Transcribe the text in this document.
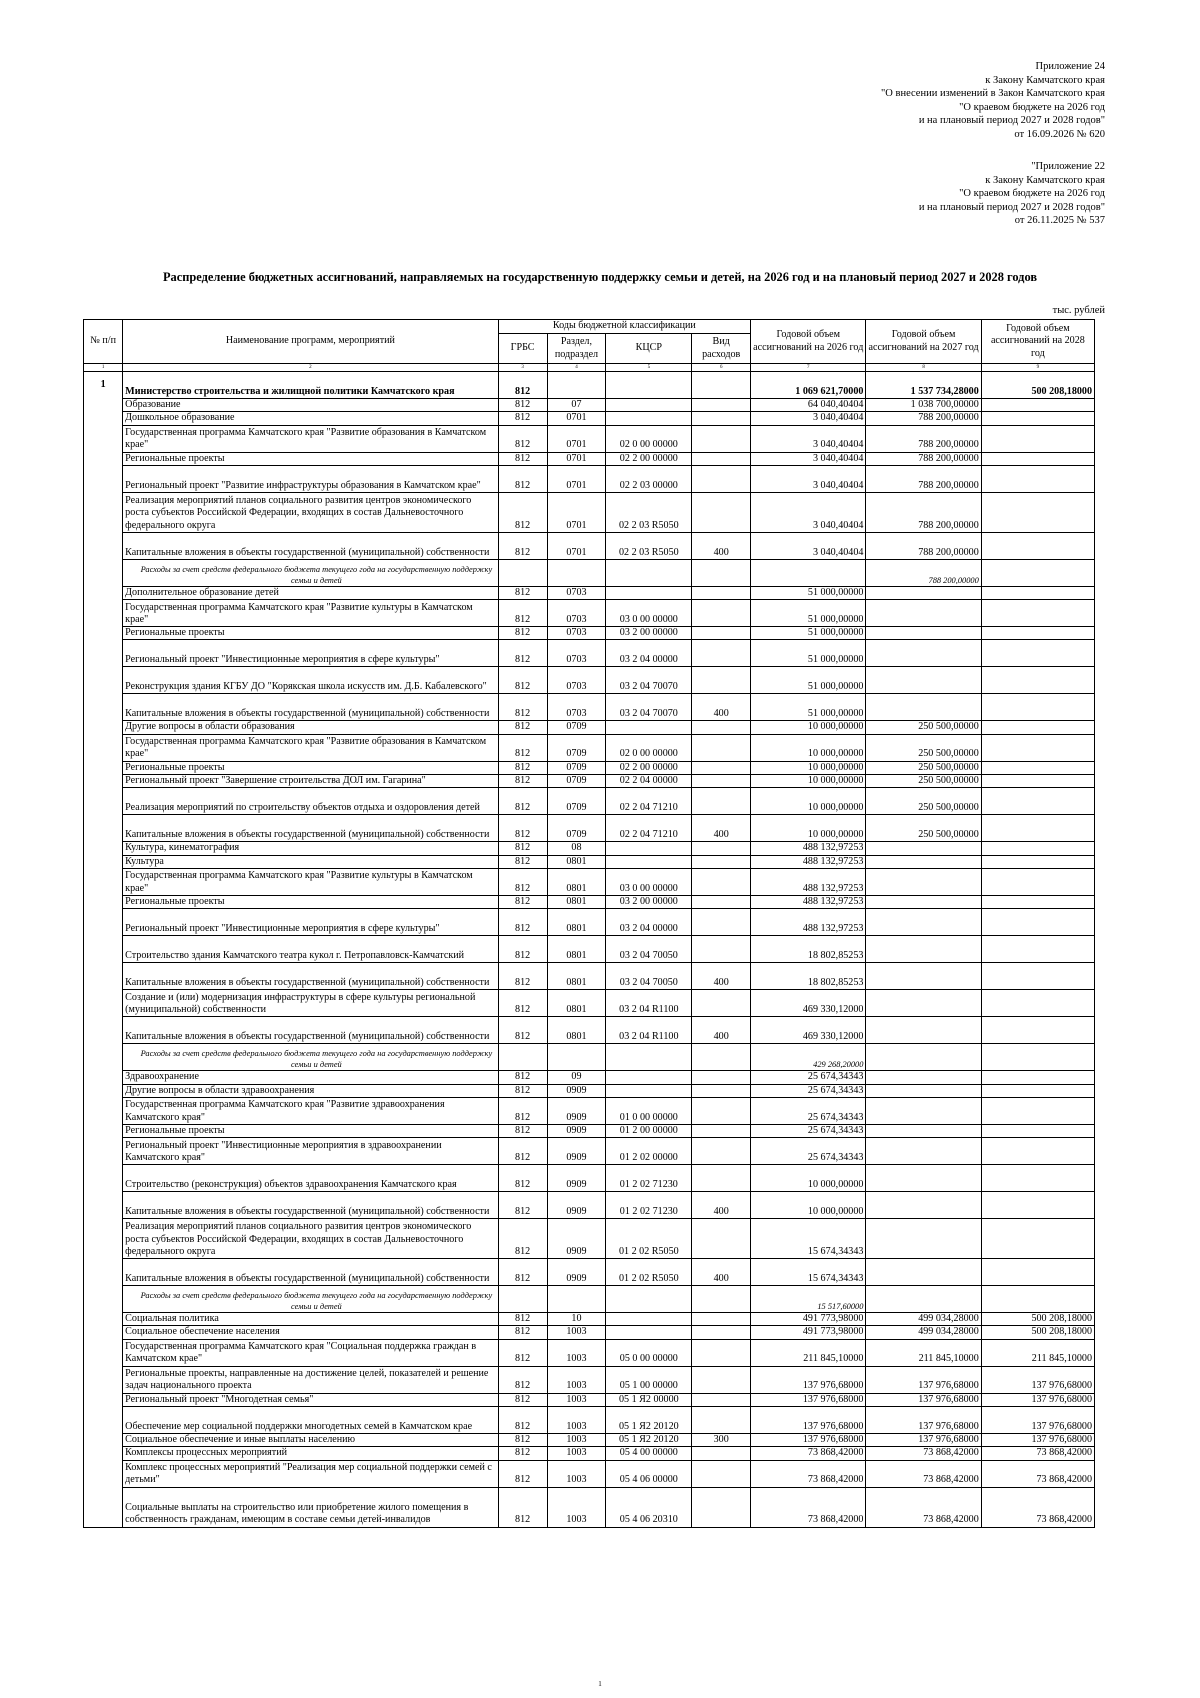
Приложение 24
к Закону Камчатского края
"О внесении изменений в Закон Камчатского края
"О краевом бюджете на 2026 год
и на плановый период 2027 и 2028 годов"
от 16.09.2026 № 620
"Приложение 22
к Закону Камчатского края
"О краевом бюджете на 2026 год
и на плановый период 2027 и 2028 годов"
от 26.11.2025 № 537
Распределение бюджетных ассигнований, направляемых на государственную поддержку семьи и детей, на 2026 год и на плановый период 2027 и 2028 годов
тыс. рублей
№ п/п	Наименование программ, мероприятий	Коды бюджетной классификации				Годовой объем ассигнований на 2026 год	Годовой объем ассигнований на 2027 год	Годовой объем ассигнований на 2028 год
		ГРБС	Раздел, подраздел	КЦСР	Вид расходов			
1	2	3	4	5	6	7	8	9
1	Министерство строительства и жилищной политики Камчатского края	812				1 069 621,70000	1 537 734,28000	500 208,18000
	Образование	812	07			64 040,40404	1 038 700,00000	
	Дошкольное образование	812	0701			3 040,40404	788 200,00000	
	Государственная программа Камчатского края "Развитие образования в Камчатском крае"	812	0701	02 0 00 00000		3 040,40404	788 200,00000	
	Региональные проекты	812	0701	02 2 00 00000		3 040,40404	788 200,00000	
	Региональный проект "Развитие инфраструктуры образования в Камчатском крае"	812	0701	02 2 03 00000		3 040,40404	788 200,00000	
	Реализация мероприятий планов социального развития центров экономического роста субъектов Российской Федерации, входящих в состав Дальневосточного федерального округа	812	0701	02 2 03 R5050		3 040,40404	788 200,00000	
	Капитальные вложения в объекты государственной (муниципальной) собственности	812	0701	02 2 03 R5050	400	3 040,40404	788 200,00000	
	Расходы за счет средств федерального бюджета текущего года на государственную поддержку семьи и детей						788 200,00000	
	Дополнительное образование детей	812	0703			51 000,00000		
	Государственная программа Камчатского края "Развитие культуры в Камчатском крае"	812	0703	03 0 00 00000		51 000,00000		
	Региональные проекты	812	0703	03 2 00 00000		51 000,00000		
	Региональный проект "Инвестиционные мероприятия в сфере культуры"	812	0703	03 2 04 00000		51 000,00000		
	Реконструкция здания КГБУ ДО "Корякская школа искусств им. Д.Б. Кабалевского"	812	0703	03 2 04 70070		51 000,00000		
	Капитальные вложения в объекты государственной (муниципальной) собственности	812	0703	03 2 04 70070	400	51 000,00000		
	Другие вопросы в области образования	812	0709			10 000,00000	250 500,00000	
	Государственная программа Камчатского края "Развитие образования в Камчатском крае"	812	0709	02 0 00 00000		10 000,00000	250 500,00000	
	Региональные проекты	812	0709	02 2 00 00000		10 000,00000	250 500,00000	
	Региональный проект "Завершение строительства ДОЛ им. Гагарина"	812	0709	02 2 04 00000		10 000,00000	250 500,00000	
	Реализация мероприятий по строительству объектов отдыха и оздоровления детей	812	0709	02 2 04 71210		10 000,00000	250 500,00000	
	Капитальные вложения в объекты государственной (муниципальной) собственности	812	0709	02 2 04 71210	400	10 000,00000	250 500,00000	
	Культура, кинематография	812	08			488 132,97253		
	Культура	812	0801			488 132,97253		
	Государственная программа Камчатского края "Развитие культуры в Камчатском крае"	812	0801	03 0 00 00000		488 132,97253		
	Региональные проекты	812	0801	03 2 00 00000		488 132,97253		
	Региональный проект "Инвестиционные мероприятия в сфере культуры"	812	0801	03 2 04 00000		488 132,97253		
	Строительство здания Камчатского театра кукол г. Петропавловск-Камчатский	812	0801	03 2 04 70050		18 802,85253		
	Капитальные вложения в объекты государственной (муниципальной) собственности	812	0801	03 2 04 70050	400	18 802,85253		
	Создание и (или) модернизация инфраструктуры в сфере культуры региональной (муниципальной) собственности	812	0801	03 2 04 R1100		469 330,12000		
	Капитальные вложения в объекты государственной (муниципальной) собственности	812	0801	03 2 04 R1100	400	469 330,12000		
	Расходы за счет средств федерального бюджета текущего года на государственную поддержку семьи и детей					429 268,20000		
	Здравоохранение	812	09			25 674,34343		
	Другие вопросы в области здравоохранения	812	0909			25 674,34343		
	Государственная программа Камчатского края "Развитие здравоохранения Камчатского края"	812	0909	01 0 00 00000		25 674,34343		
	Региональные проекты	812	0909	01 2 00 00000		25 674,34343		
	Региональный проект "Инвестиционные мероприятия в здравоохранении Камчатского края"	812	0909	01 2 02 00000		25 674,34343		
	Строительство (реконструкция) объектов здравоохранения Камчатского края	812	0909	01 2 02 71230		10 000,00000		
	Капитальные вложения в объекты государственной (муниципальной) собственности	812	0909	01 2 02 71230	400	10 000,00000		
	Реализация мероприятий планов социального развития центров экономического роста субъектов Российской Федерации, входящих в состав Дальневосточного федерального округа	812	0909	01 2 02 R5050		15 674,34343		
	Капитальные вложения в объекты государственной (муниципальной) собственности	812	0909	01 2 02 R5050	400	15 674,34343		
	Расходы за счет средств федерального бюджета текущего года на государственную поддержку семьи и детей					15 517,60000		
	Социальная политика	812	10			491 773,98000	499 034,28000	500 208,18000
	Социальное обеспечение населения	812	1003			491 773,98000	499 034,28000	500 208,18000
	Государственная программа Камчатского края "Социальная поддержка граждан в Камчатском крае"	812	1003	05 0 00 00000		211 845,10000	211 845,10000	211 845,10000
	Региональные проекты, направленные на достижение целей, показателей и решение задач национального проекта	812	1003	05 1 00 00000		137 976,68000	137 976,68000	137 976,68000
	Региональный проект "Многодетная семья"	812	1003	05 1 Я2 00000		137 976,68000	137 976,68000	137 976,68000
	Обеспечение мер социальной поддержки многодетных семей в Камчатском крае	812	1003	05 1 Я2 20120		137 976,68000	137 976,68000	137 976,68000
	Социальное обеспечение и иные выплаты населению	812	1003	05 1 Я2 20120	300	137 976,68000	137 976,68000	137 976,68000
	Комплексы процессных мероприятий	812	1003	05 4 00 00000		73 868,42000	73 868,42000	73 868,42000
	Комплекс процессных мероприятий "Реализация мер социальной поддержки семей с детьми"	812	1003	05 4 06 00000		73 868,42000	73 868,42000	73 868,42000
	Социальные выплаты на строительство или приобретение жилого помещения в собственность гражданам, имеющим в составе семьи детей-инвалидов	812	1003	05 4 06 20310		73 868,42000	73 868,42000	73 868,42000
1
